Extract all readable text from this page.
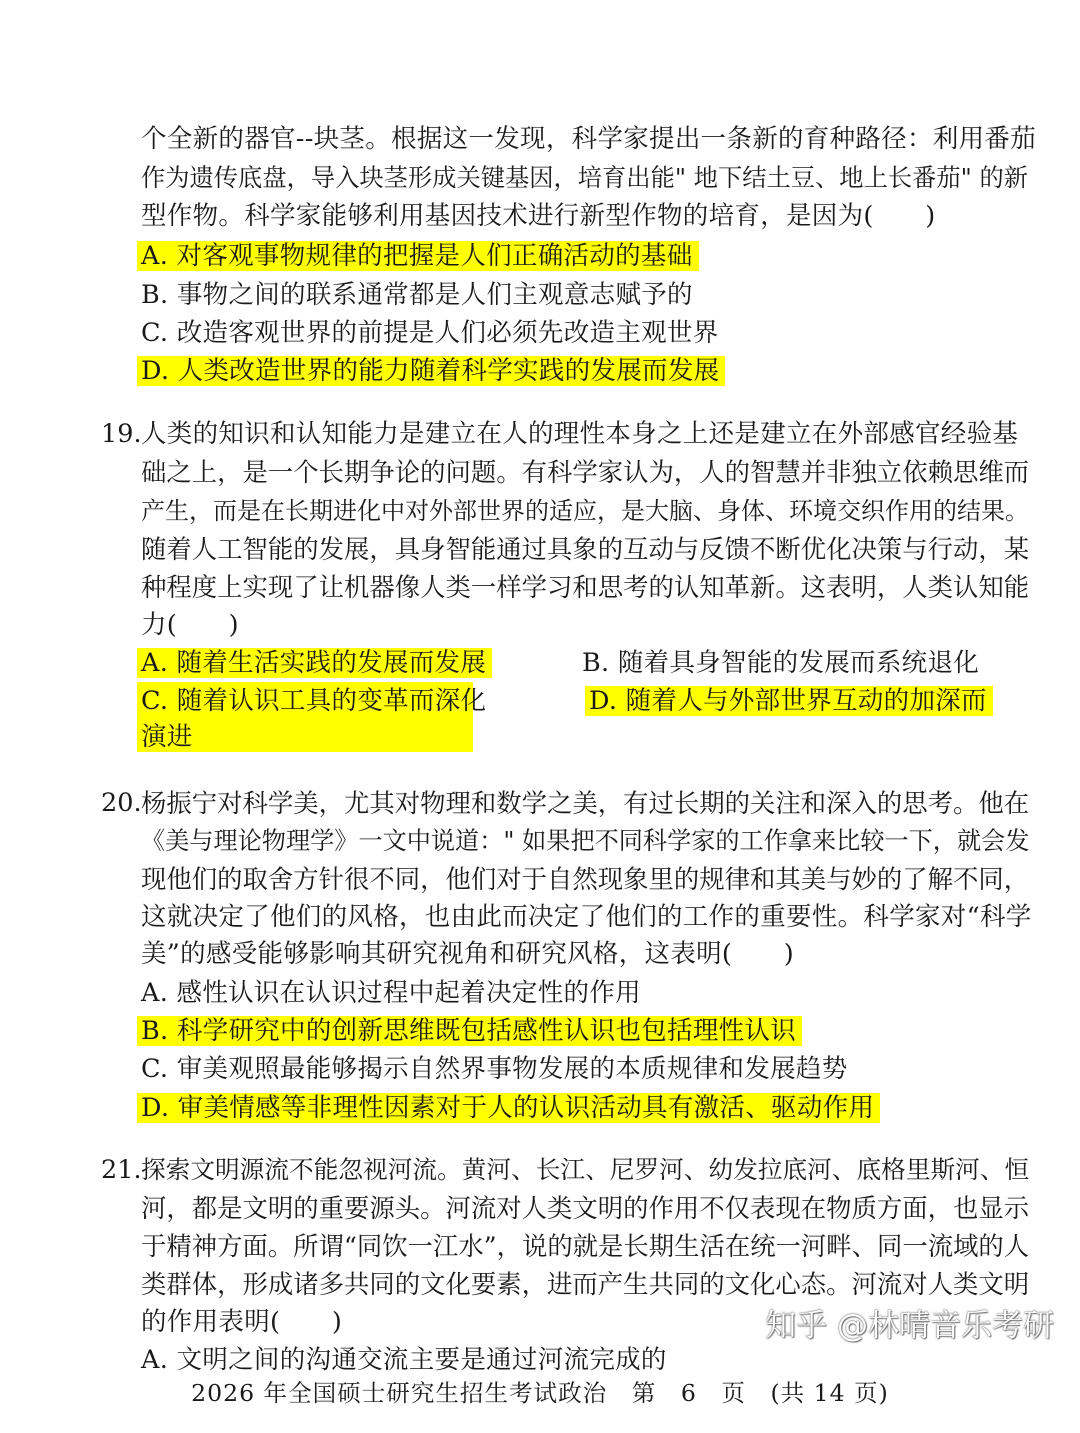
个全新的器官--块茎。根据这一发现，科学家提出一条新的育种路径：利用番茄
作为遗传底盘，导入块茎形成关键基因，培育出能" 地下结土豆、地上长番茄" 的新
型作物。科学家能够利用基因技术进行新型作物的培育，是因为(　　)
A. 对客观事物规律的把握是人们正确活动的基础
B. 事物之间的联系通常都是人们主观意志赋予的
C. 改造客观世界的前提是人们必须先改造主观世界
D. 人类改造世界的能力随着科学实践的发展而发展
19. 人类的知识和认知能力是建立在人的理性本身之上还是建立在外部感官经验基
础之上，是一个长期争论的问题。有科学家认为，人的智慧并非独立依赖思维而
产生，而是在长期进化中对外部世界的适应，是大脑、身体、环境交织作用的结果。
随着人工智能的发展，具身智能通过具象的互动与反馈不断优化决策与行动，某
种程度上实现了让机器像人类一样学习和思考的认知革新。这表明，人类认知能
力(　　)
A. 随着生活实践的发展而发展	B. 随着具身智能的发展而系统退化
C. 随着认识工具的变革而深化
演进
D. 随着人与外部世界互动的加深而
20. 杨振宁对科学美，尤其对物理和数学之美，有过长期的关注和深入的思考。他在
《美与理论物理学》一文中说道：" 如果把不同科学家的工作拿来比较一下，就会发
现他们的取舍方针很不同，他们对于自然现象里的规律和其美与妙的了解不同，
这就决定了他们的风格，也由此而决定了他们的工作的重要性。科学家对“科学
美”的感受能够影响其研究视角和研究风格，这表明(　　)
A. 感性认识在认识过程中起着决定性的作用
B. 科学研究中的创新思维既包括感性认识也包括理性认识
C. 审美观照最能够揭示自然界事物发展的本质规律和发展趋势
D. 审美情感等非理性因素对于人的认识活动具有激活、驱动作用
21. 探索文明源流不能忽视河流。黄河、长江、尼罗河、幼发拉底河、底格里斯河、恒
河，都是文明的重要源头。河流对人类文明的作用不仅表现在物质方面，也显示
于精神方面。所谓“同饮一江水”，说的就是长期生活在统一河畔、同一流域的人
类群体，形成诸多共同的文化要素，进而产生共同的文化心态。河流对人类文明
的作用表明(　　)
A. 文明之间的沟通交流主要是通过河流完成的
知乎 @林晴音乐考研
2026 年全国硕士研究生招生考试政治　第　6　页　(共 14 页)
